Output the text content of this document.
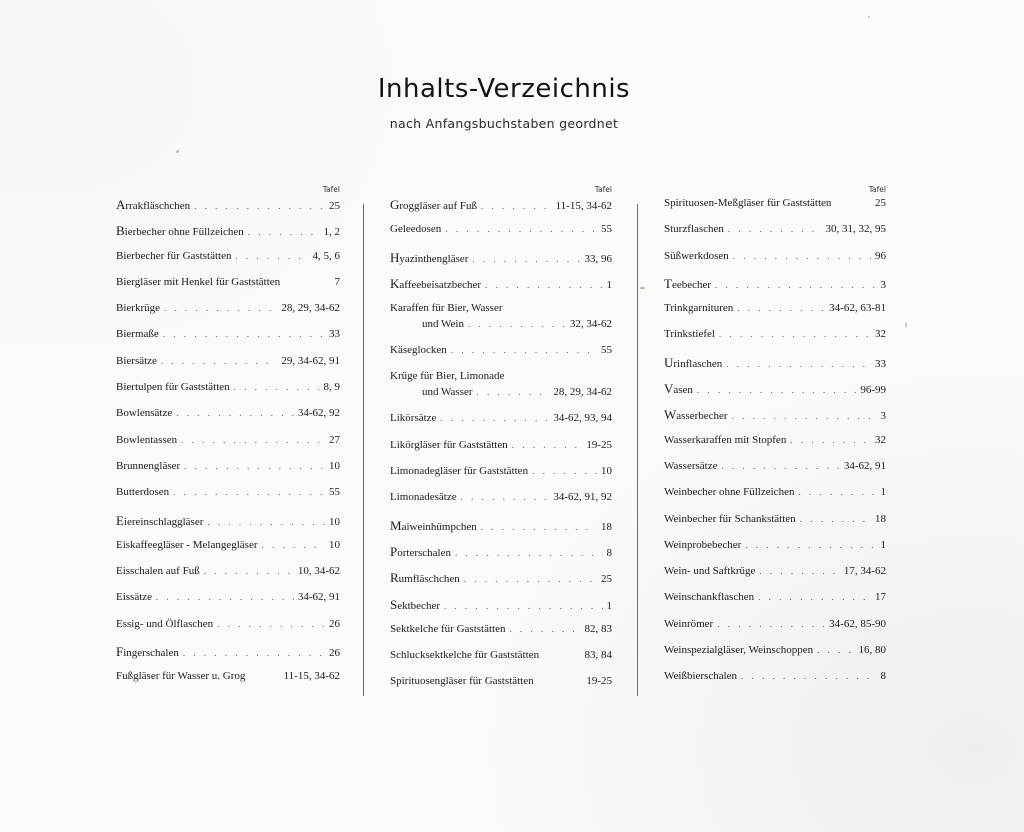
Inhalts-Verzeichnis
nach Anfangsbuchstaben geordnet
Tafel
Arrakfläschchen . . .	25
Bierbecher ohne Füllzeichen . . .	1, 2
Bierbecher für Gaststätten . . .	4, 5, 6
Biergläser mit Henkel für Gaststätten	7
Bierkrüge . . .	28, 29, 34-62
Biermaße . . .	33
Biersätze . . .	29, 34-62, 91
Biertulpen für Gaststätten . . .	8, 9
Bowlensätze . . .	34-62, 92
Bowlentassen . . .	27
Brunnengläser . . .	10
Butterdosen . . .	55
Eiereinschlaggläser . . .	10
Eiskaffeegläser - Melangegläser . . .	10
Eisschalen auf Fuß . . .	10, 34-62
Eissätze . . .	34-62, 91
Essig- und Ölflaschen . . .	26
Fingerschalen . . .	26
Fußgläser für Wasser u. Grog	11-15, 34-62
Tafel
Groggläser auf Fuß . . .	11-15, 34-62
Geleedosen . . .	55
Hyazinthengläser . . .	33, 96
Kaffeebeisatzbecher . . .	1
Karaffen für Bier, Wasser
und Wein . . .	32, 34-62
Käseglocken . . .	55
Krüge für Bier, Limonade
und Wasser . . .	28, 29, 34-62
Likörsätze . . .	34-62, 93, 94
Likörgläser für Gaststätten . . .	19-25
Limonadegläser für Gaststätten . . .	10
Limonadesätze . . .	34-62, 91, 92
Maiweinhümpchen . . .	18
Porterschalen . . .	8
Rumfläschchen . . .	25
Sektbecher . . .	1
Sektkelche für Gaststätten . . .	82, 83
Schlucksektkelche für Gaststätten	83, 84
Spirituosengläser für Gaststätten	19-25
Tafel
Spirituosen-Meßgläser für Gaststätten	25
Sturzflaschen . . .	30, 31, 32, 95
Süßwerkdosen . . .	96
Teebecher . . .	3
Trinkgarnituren . . .	34-62, 63-81
Trinkstiefel . . .	32
Urinflaschen . . .	33
Vasen . . .	96-99
Wasserbecher . . .	3
Wasserkaraffen mit Stopfen . . .	32
Wassersätze . . .	34-62, 91
Weinbecher ohne Füllzeichen . . .	1
Weinbecher für Schankstätten . . .	18
Weinprobebecher . . .	1
Wein- und Saftkrüge . . .	17, 34-62
Weinschankflaschen . . .	17
Weinrömer . . .	34-62, 85-90
Weinspezialgläser, Weinschoppen . . .	16, 80
Weißbierschalen . . .	8
